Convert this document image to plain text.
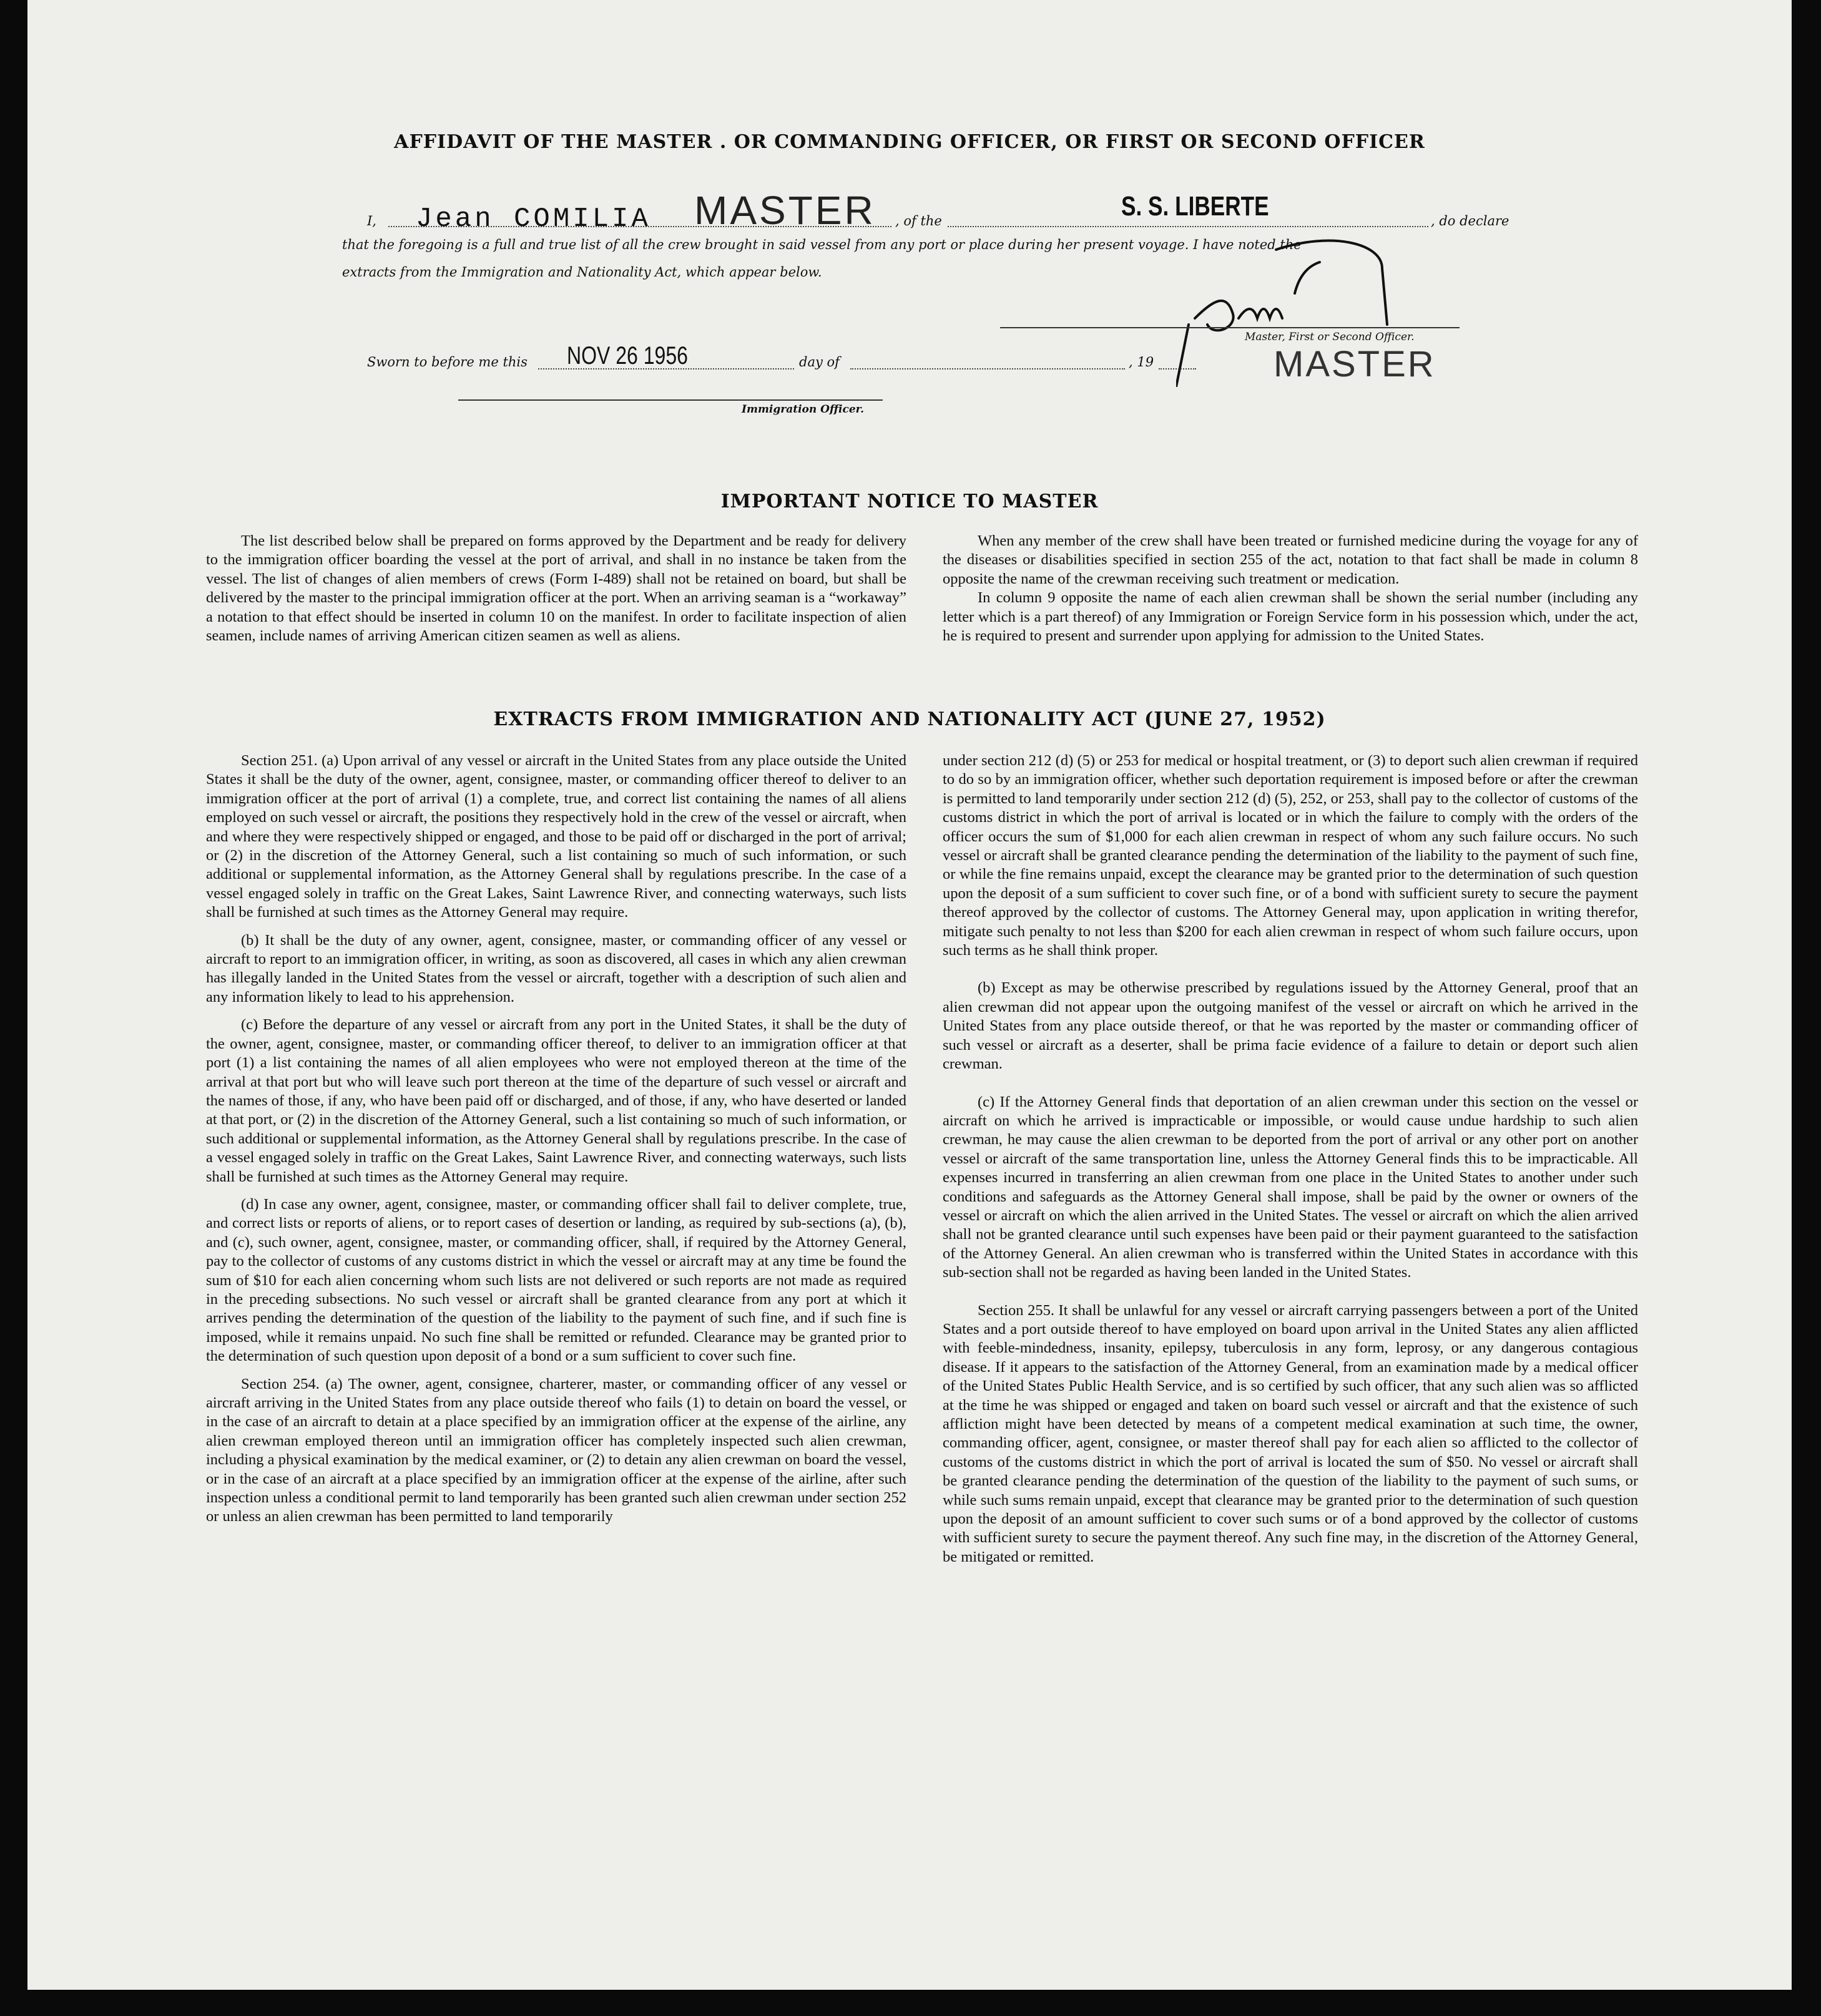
AFFIDAVIT OF THE MASTER . OR COMMANDING OFFICER, OR FIRST OR SECOND OFFICER
I, Jean COMILIA MASTER , of the	S. S. LIBERTE	, do declare
that the foregoing is a full and true list of all the crew brought in said vessel from any port or place during her present voyage. I have noted the
extracts from the Immigration and Nationality Act, which appear below.
Master, First or Second Officer.
Sworn to before me this NOV 26 1956	day of	, 19	MASTER
Immigration Officer.
IMPORTANT NOTICE TO MASTER

The list described below shall be prepared on forms approved by the Department and be ready for delivery to the immigration officer boarding the vessel at the port of arrival, and shall in no instance be taken from the vessel. The list of changes of alien members of crews (Form I-489) shall not be retained on board, but shall be delivered by the master to the principal immigration officer at the port. When an arriving seaman is a “workaway” a notation to that effect should be inserted in column 10 on the manifest. In order to facilitate inspection of alien seamen, include names of arriving American citizen seamen as well as aliens.

When any member of the crew shall have been treated or furnished medicine during the voyage for any of the diseases or disabilities specified in section 255 of the act, notation to that fact shall be made in column 8 opposite the name of the crewman receiving such treatment or medication.

In column 9 opposite the name of each alien crewman shall be shown the serial number (including any letter which is a part thereof) of any Immigration or Foreign Service form in his possession which, under the act, he is required to present and surrender upon applying for admission to the United States.

EXTRACTS FROM IMMIGRATION AND NATIONALITY ACT (JUNE 27, 1952)

Section 251. (a) Upon arrival of any vessel or aircraft in the United States from any place outside the United States it shall be the duty of the owner, agent, consignee, master, or commanding officer thereof to deliver to an immigration officer at the port of arrival (1) a complete, true, and correct list containing the names of all aliens employed on such vessel or aircraft, the positions they respectively hold in the crew of the vessel or aircraft, when and where they were respectively shipped or engaged, and those to be paid off or discharged in the port of arrival; or (2) in the discretion of the Attorney General, such a list containing so much of such information, or such additional or supplemental information, as the Attorney General shall by regulations prescribe. In the case of a vessel engaged solely in traffic on the Great Lakes, Saint Lawrence River, and connecting waterways, such lists shall be furnished at such times as the Attorney General may require.

(b) It shall be the duty of any owner, agent, consignee, master, or commanding officer of any vessel or aircraft to report to an immigration officer, in writing, as soon as discovered, all cases in which any alien crewman has illegally landed in the United States from the vessel or aircraft, together with a description of such alien and any information likely to lead to his apprehension.

(c) Before the departure of any vessel or aircraft from any port in the United States, it shall be the duty of the owner, agent, consignee, master, or commanding officer thereof, to deliver to an immigration officer at that port (1) a list containing the names of all alien employees who were not employed thereon at the time of the arrival at that port but who will leave such port thereon at the time of the departure of such vessel or aircraft and the names of those, if any, who have been paid off or discharged, and of those, if any, who have deserted or landed at that port, or (2) in the discretion of the Attorney General, such a list containing so much of such information, or such additional or supplemental information, as the Attorney General shall by regulations prescribe. In the case of a vessel engaged solely in traffic on the Great Lakes, Saint Lawrence River, and connecting waterways, such lists shall be furnished at such times as the Attorney General may require.

(d) In case any owner, agent, consignee, master, or commanding officer shall fail to deliver complete, true, and correct lists or reports of aliens, or to report cases of desertion or landing, as required by sub-sections (a), (b), and (c), such owner, agent, consignee, master, or commanding officer, shall, if required by the Attorney General, pay to the collector of customs of any customs district in which the vessel or aircraft may at any time be found the sum of $10 for each alien concerning whom such lists are not delivered or such reports are not made as required in the preceding subsections. No such vessel or aircraft shall be granted clearance from any port at which it arrives pending the determination of the question of the liability to the payment of such fine, and if such fine is imposed, while it remains unpaid. No such fine shall be remitted or refunded. Clearance may be granted prior to the determination of such question upon deposit of a bond or a sum sufficient to cover such fine.

Section 254. (a) The owner, agent, consignee, charterer, master, or commanding officer of any vessel or aircraft arriving in the United States from any place outside thereof who fails (1) to detain on board the vessel, or in the case of an aircraft to detain at a place specified by an immigration officer at the expense of the airline, any alien crewman employed thereon until an immigration officer has completely inspected such alien crewman, including a physical examination by the medical examiner, or (2) to detain any alien crewman on board the vessel, or in the case of an aircraft at a place specified by an immigration officer at the expense of the airline, after such inspection unless a conditional permit to land temporarily has been granted such alien crewman under section 252 or unless an alien crewman has been permitted to land temporarily

under section 212 (d) (5) or 253 for medical or hospital treatment, or (3) to deport such alien crewman if required to do so by an immigration officer, whether such deportation requirement is imposed before or after the crewman is permitted to land temporarily under section 212 (d) (5), 252, or 253, shall pay to the collector of customs of the customs district in which the port of arrival is located or in which the failure to comply with the orders of the officer occurs the sum of $1,000 for each alien crewman in respect of whom any such failure occurs. No such vessel or aircraft shall be granted clearance pending the determination of the liability to the payment of such fine, or while the fine remains unpaid, except the clearance may be granted prior to the determination of such question upon the deposit of a sum sufficient to cover such fine, or of a bond with sufficient surety to secure the payment thereof approved by the collector of customs. The Attorney General may, upon application in writing therefor, mitigate such penalty to not less than $200 for each alien crewman in respect of whom such failure occurs, upon such terms as he shall think proper.

(b) Except as may be otherwise prescribed by regulations issued by the Attorney General, proof that an alien crewman did not appear upon the outgoing manifest of the vessel or aircraft on which he arrived in the United States from any place outside thereof, or that he was reported by the master or commanding officer of such vessel or aircraft as a deserter, shall be prima facie evidence of a failure to detain or deport such alien crewman.

(c) If the Attorney General finds that deportation of an alien crewman under this section on the vessel or aircraft on which he arrived is impracticable or impossible, or would cause undue hardship to such alien crewman, he may cause the alien crewman to be deported from the port of arrival or any other port on another vessel or aircraft of the same transportation line, unless the Attorney General finds this to be impracticable. All expenses incurred in transferring an alien crewman from one place in the United States to another under such conditions and safeguards as the Attorney General shall impose, shall be paid by the owner or owners of the vessel or aircraft on which the alien arrived in the United States. The vessel or aircraft on which the alien arrived shall not be granted clearance until such expenses have been paid or their payment guaranteed to the satisfaction of the Attorney General. An alien crewman who is transferred within the United States in accordance with this sub-section shall not be regarded as having been landed in the United States.

Section 255. It shall be unlawful for any vessel or aircraft carrying passengers between a port of the United States and a port outside thereof to have employed on board upon arrival in the United States any alien afflicted with feeble-mindedness, insanity, epilepsy, tuberculosis in any form, leprosy, or any dangerous contagious disease. If it appears to the satisfaction of the Attorney General, from an examination made by a medical officer of the United States Public Health Service, and is so certified by such officer, that any such alien was so afflicted at the time he was shipped or engaged and taken on board such vessel or aircraft and that the existence of such affliction might have been detected by means of a competent medical examination at such time, the owner, commanding officer, agent, consignee, or master thereof shall pay for each alien so afflicted to the collector of customs of the customs district in which the port of arrival is located the sum of $50. No vessel or aircraft shall be granted clearance pending the determination of the question of the liability to the payment of such sums, or while such sums remain unpaid, except that clearance may be granted prior to the determination of such question upon the deposit of an amount sufficient to cover such sums or of a bond approved by the collector of customs with sufficient surety to secure the payment thereof. Any such fine may, in the discretion of the Attorney General, be mitigated or remitted.
